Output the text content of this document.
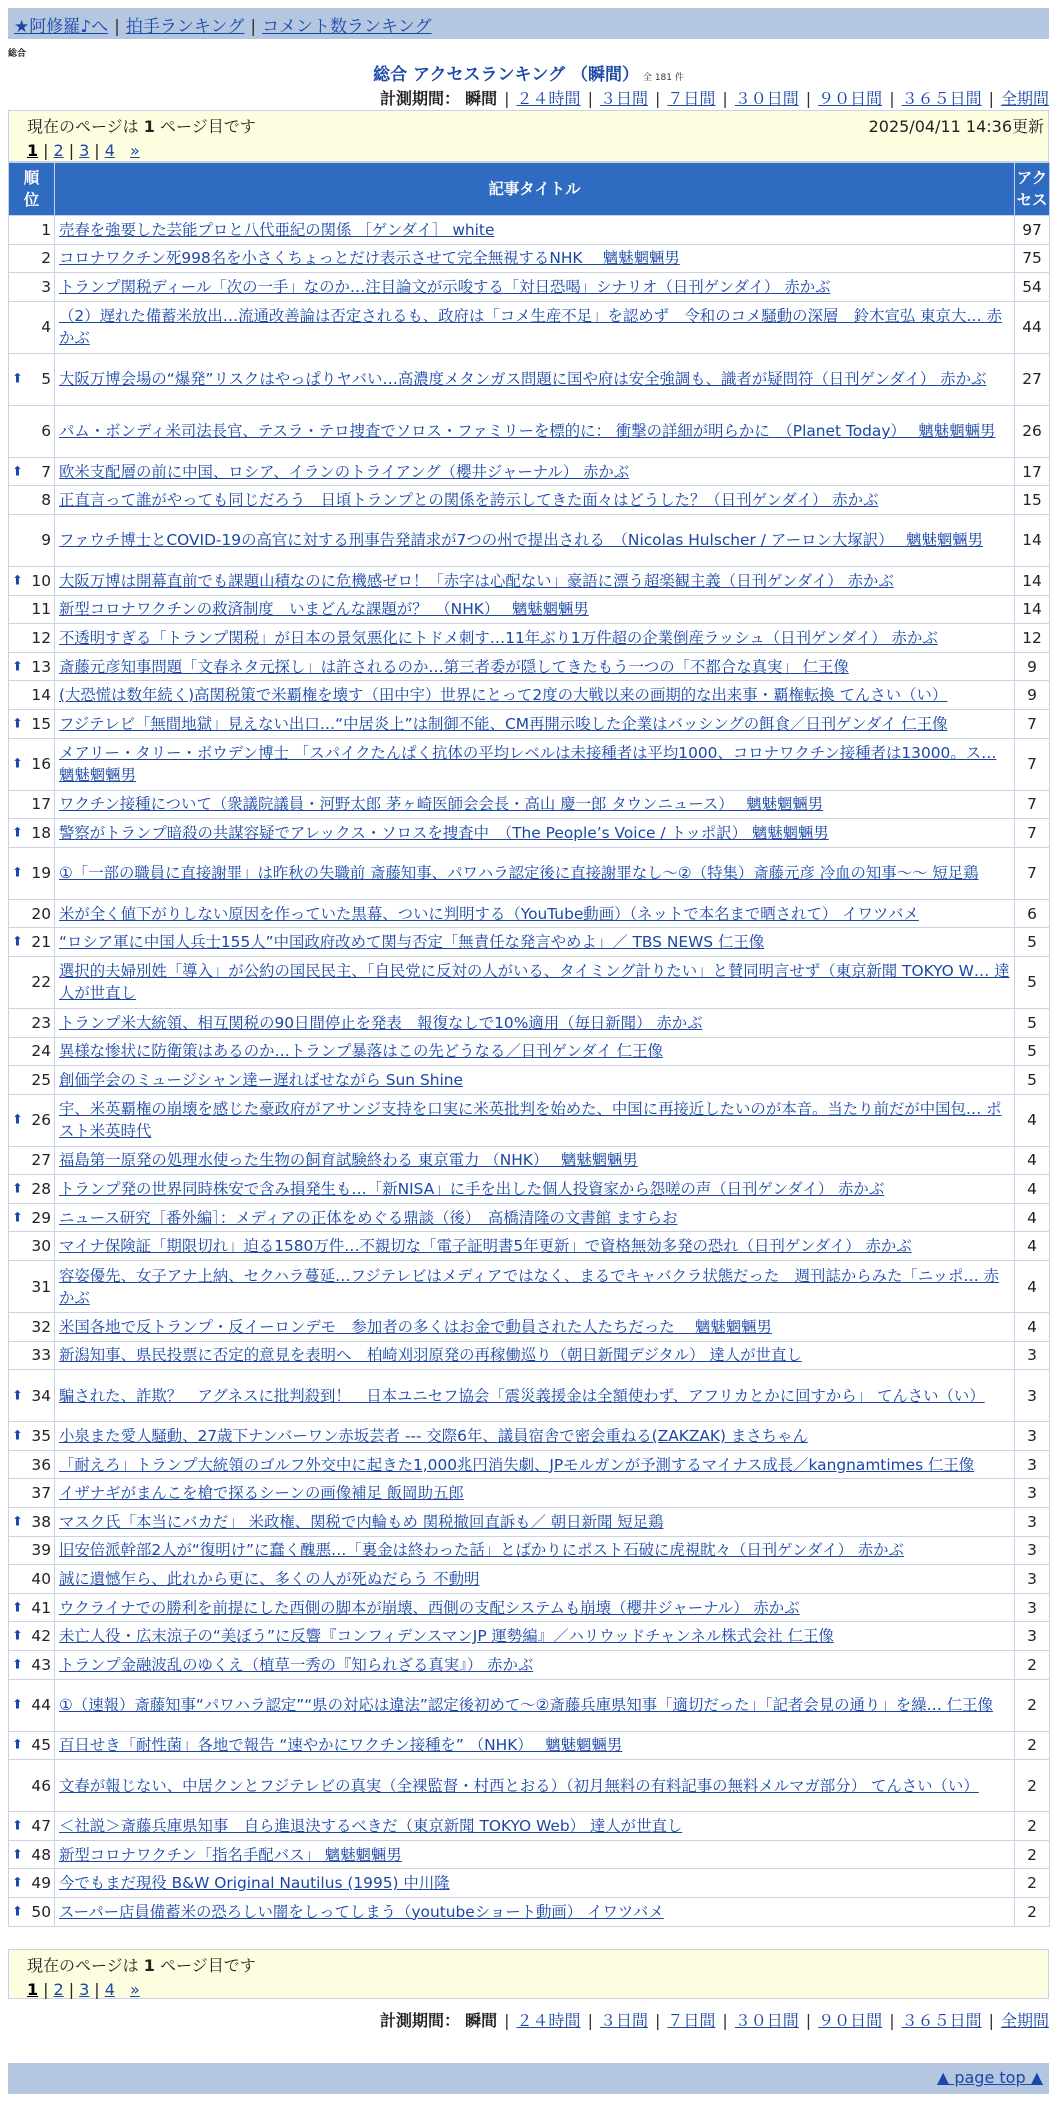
★阿修羅♪へ | 拍手ランキング | コメント数ランキング
総合
総合 アクセスランキング （瞬間） 全 181 件
計測期間： 瞬間 | ２４時間 | ３日間 | ７日間 | ３０日間 | ９０日間 | ３６５日間 | 全期間
現在のページは 1 ページ目です	2025/04/11 14:36更新
1 | 2 | 3 | 4 »
順位	記事タイトル	アクセス
1	売春を強要した芸能プロと八代亜紀の関係 ［ゲンダイ］ white	97
2	コロナワクチン死998名を小さくちょっとだけ表示させて完全無視するNHK　 魑魅魍魎男	75
3	トランプ関税ディール「次の一手」なのか…注目論文が示唆する「対日恐喝」シナリオ（日刊ゲンダイ） 赤かぶ	54
4	（2）遅れた備蓄米放出…流通改善論は否定されるも、政府は「コメ生産不足」を認めず　令和のコメ騒動の深層　鈴木宣弘 東京大… 赤かぶ	44

⬆ 5	大阪万博会場の“爆発”リスクはやっぱりヤバい…高濃度メタンガス問題に国や府は安全強調も、識者が疑問符（日刊ゲンダイ） 赤かぶ	27
6	パム・ボンディ米司法長官、テスラ・テロ捜査でソロス・ファミリーを標的に： 衝撃の詳細が明らかに　（Planet Today）　 魑魅魍魎男	26

⬆ 7	欧米支配層の前に中国、ロシア、イランのトライアング（櫻井ジャーナル） 赤かぶ	17
8	正直言って誰がやっても同じだろう　日頃トランプとの関係を誇示してきた面々はどうした？（日刊ゲンダイ） 赤かぶ	15
9	ファウチ博士とCOVID-19の高官に対する刑事告発請求が7つの州で提出される　（Nicolas Hulscher / アーロン大塚訳）　 魑魅魍魎男	14

⬆ 10	大阪万博は開幕直前でも課題山積なのに危機感ゼロ！「赤字は心配ない」豪語に漂う超楽観主義（日刊ゲンダイ） 赤かぶ	14
11	新型コロナワクチンの救済制度　いまどんな課題が？　（NHK）　 魑魅魍魎男	14
12	不透明すぎる「トランプ関税」が日本の景気悪化にトドメ刺す…11年ぶり1万件超の企業倒産ラッシュ（日刊ゲンダイ） 赤かぶ	12

⬆ 13	斎藤元彦知事問題「文春ネタ元探し」は許されるのか…第三者委が隠してきたもう一つの「不都合な真実」 仁王像	9
14	(大恐慌は数年続く)高関税策で米覇権を壊す（田中宇）世界にとって2度の大戦以来の画期的な出来事・覇権転換 てんさい（い）	9

⬆ 15	フジテレビ「無間地獄」見えない出口…“中居炎上”は制御不能、CM再開示唆した企業はバッシングの餌食／日刊ゲンダイ 仁王像	7

⬆ 16	メアリー・タリー・ボウデン博士 「スパイクたんぱく抗体の平均レベルは未接種者は平均1000、コロナワクチン接種者は13000。ス… 魑魅魍魎男	7
17	ワクチン接種について（衆議院議員・河野太郎 茅ヶ崎医師会会長・高山 慶一郎 タウンニュース）　 魑魅魍魎男	7

⬆ 18	警察がトランプ暗殺の共謀容疑でアレックス・ソロスを捜査中　（The People’s Voice / トッポ訳） 魑魅魍魎男	7

⬆ 19	①「一部の職員に直接謝罪」は昨秋の失職前 斎藤知事、パワハラ認定後に直接謝罪なし～②（特集）斎藤元彦 冷血の知事～～ 短足鶏	7
20	米が全く値下がりしない原因を作っていた黒幕、ついに判明する（YouTube動画）（ネットで本名まで晒されて） イワツバメ	6

⬆ 21	“ロシア軍に中国人兵士155人”中国政府改めて関与否定「無責任な発言やめよ」／ TBS NEWS 仁王像	5
22	選択的夫婦別姓「導入」が公約の国民民主、「自民党に反対の人がいる、タイミング計りたい」と賛同明言せず（東京新聞 TOKYO W… 達人が世直し	5
23	トランプ米大統領、相互関税の90日間停止を発表　報復なしで10%適用（毎日新聞） 赤かぶ	5
24	異様な惨状に防衛策はあるのか…トランプ暴落はこの先どうなる／日刊ゲンダイ 仁王像	5
25	創価学会のミュージシャン達ー遅ればせながら Sun Shine	5

⬆ 26	宇、米英覇権の崩壊を感じた豪政府がアサンジ支持を口実に米英批判を始めた、中国に再接近したいのが本音。当たり前だが中国包… ポスト米英時代	4
27	福島第一原発の処理水使った生物の飼育試験終わる 東京電力 （NHK）　 魑魅魍魎男	4

⬆ 28	トランプ発の世界同時株安で含み損発生も…「新NISA」に手を出した個人投資家から怨嗟の声（日刊ゲンダイ） 赤かぶ	4

⬆ 29	ニュース研究［番外編］：メディアの正体をめぐる鼎談（後）　高橋清隆の文書館 ますらお	4
30	マイナ保険証「期限切れ」迫る1580万件…不親切な「電子証明書5年更新」で資格無効多発の恐れ（日刊ゲンダイ） 赤かぶ	4
31	容姿優先、女子アナ上納、セクハラ蔓延…フジテレビはメディアではなく、まるでキャバクラ状態だった　週刊誌からみた「ニッポ… 赤かぶ	4
32	米国各地で反トランプ・反イーロンデモ　参加者の多くはお金で動員された人たちだった　 魑魅魍魎男	4
33	新潟知事、県民投票に否定的意見を表明へ　柏崎刈羽原発の再稼働巡り（朝日新聞デジタル） 達人が世直し	3

⬆ 34	騙された、詐欺？　アグネスに批判殺到！　日本ユニセフ協会「震災義援金は全額使わず、アフリカとかに回すから」 てんさい（い）	3

⬆ 35	小泉また愛人騒動、27歳下ナンバーワン赤坂芸者 --- 交際6年、議員宿舎で密会重ねる(ZAKZAK) まさちゃん	3
36	「耐えろ」トランプ大統領のゴルフ外交中に起きた1,000兆円消失劇、JPモルガンが予測するマイナス成長／kangnamtimes 仁王像	3
37	イザナギがまんこを槍で探るシーンの画像補足 飯岡助五郎	3

⬆ 38	マスク氏「本当にバカだ」 米政権、関税で内輪もめ 関税撤回直訴も／ 朝日新聞 短足鶏	3
39	旧安倍派幹部2人が“復明け”に蠢く醜悪…「裏金は終わった話」とばかりにポスト石破に虎視眈々（日刊ゲンダイ） 赤かぶ	3
40	誠に遺憾乍ら、此れから更に、多くの人が死ぬだらう 不動明	3

⬆ 41	ウクライナでの勝利を前提にした西側の脚本が崩壊、西側の支配システムも崩壊（櫻井ジャーナル） 赤かぶ	3

⬆ 42	未亡人役・広末涼子の“美ぼう”に反響『コンフィデンスマンJP 運勢編』／ハリウッドチャンネル株式会社 仁王像	3

⬆ 43	トランプ金融波乱のゆくえ（植草一秀の『知られざる真実』） 赤かぶ	2

⬆ 44	①（速報）斎藤知事“パワハラ認定”“県の対応は違法”認定後初めて～②斎藤兵庫県知事「適切だった」「記者会見の通り」を繰… 仁王像	2

⬆ 45	百日せき「耐性菌」各地で報告 “速やかにワクチン接種を” （NHK）　 魑魅魍魎男	2
46	文春が報じない、中居クンとフジテレビの真実（全裸監督・村西とおる）（初月無料の有料記事の無料メルマガ部分） てんさい（い）	2

⬆ 47	＜社説＞斎藤兵庫県知事　自ら進退決するべきだ（東京新聞 TOKYO Web） 達人が世直し	2

⬆ 48	新型コロナワクチン「指名手配バス」 魑魅魍魎男	2

⬆ 49	今でもまだ現役 B&W Original Nautilus (1995) 中川隆	2

⬆ 50	スーパー店員備蓄米の恐ろしい闇をしってしまう（youtubeショート動画） イワツバメ	2
現在のページは 1 ページ目です
1 | 2 | 3 | 4 »
計測期間： 瞬間 | ２４時間 | ３日間 | ７日間 | ３０日間 | ９０日間 | ３６５日間 | 全期間
▲ page top ▲
